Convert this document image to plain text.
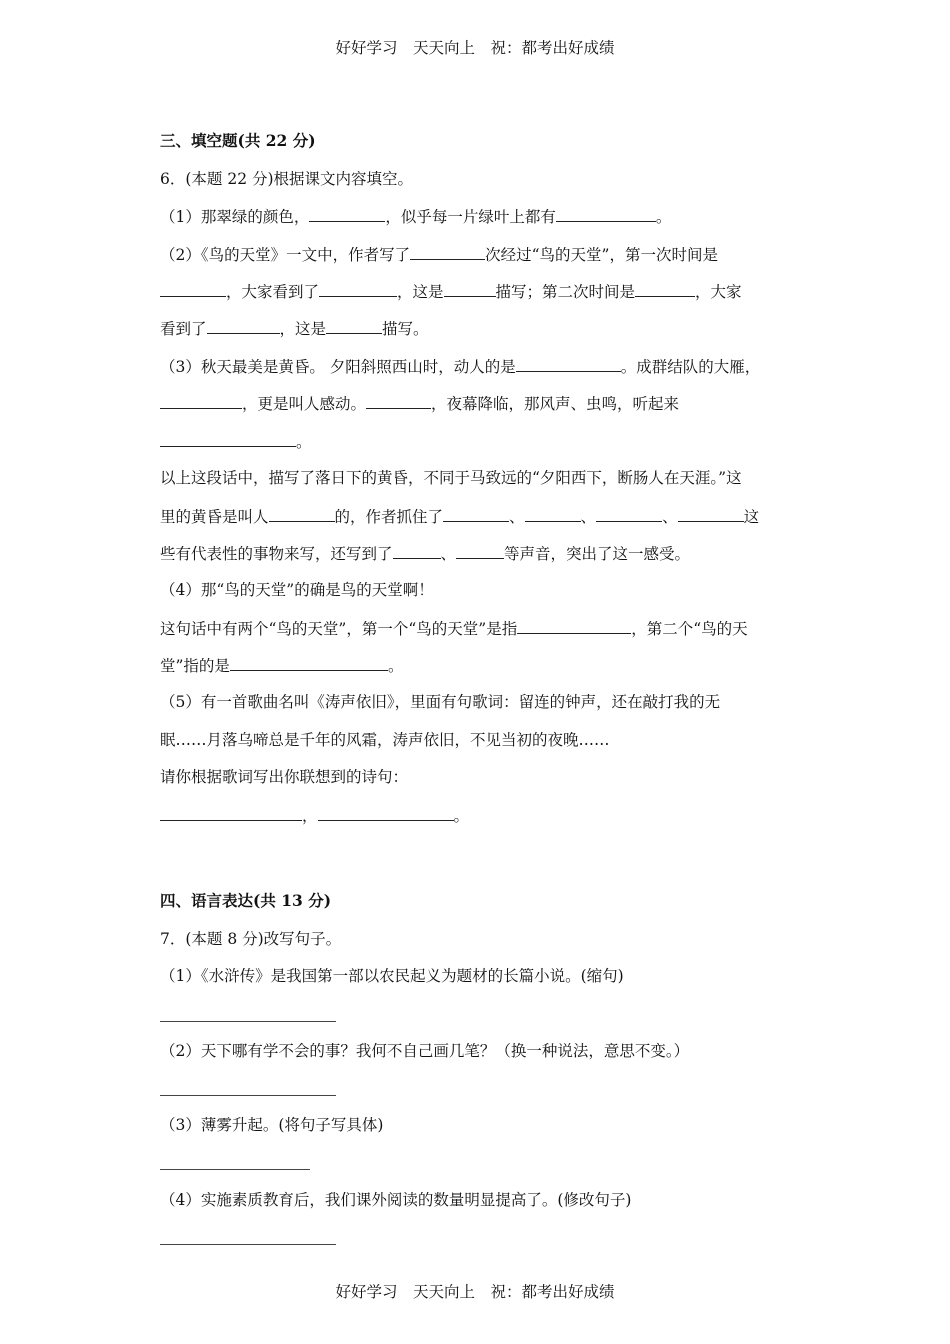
好好学习　天天向上　祝：都考出好成绩
三、填空题(共 22 分)
6．(本题 22 分)根据课文内容填空。
（1）那翠绿的颜色，	，似乎每一片绿叶上都有	。
（2）《鸟的天堂》一文中，作者写了	次经过“鸟的天堂”，第一次时间是
，大家看到了	，这是	描写；第二次时间是	，大家
看到了	，这是	描写。
（3）秋天最美是黄昏。 夕阳斜照西山时，动人的是	。成群结队的大雁，
，更是叫人感动。	，夜幕降临，那风声、虫鸣，听起来
。
以上这段话中，描写了落日下的黄昏，不同于马致远的“夕阳西下，断肠人在天涯。”这
里的黄昏是叫人	的，作者抓住了	、	、	、	这
些有代表性的事物来写，还写到了	、	等声音，突出了这一感受。
（4）那“鸟的天堂”的确是鸟的天堂啊！
这句话中有两个“鸟的天堂”，第一个“鸟的天堂”是指	，第二个“鸟的天
堂”指的是	。
（5）有一首歌曲名叫《涛声依旧》，里面有句歌词：留连的钟声，还在敲打我的无
眠……月落乌啼总是千年的风霜，涛声依旧，不见当初的夜晚……
请你根据歌词写出你联想到的诗句：
，	。
四、语言表达(共 13 分)
7．(本题 8 分)改写句子。
（1）《水浒传》是我国第一部以农民起义为题材的长篇小说。(缩句)
（2）天下哪有学不会的事？我何不自己画几笔？（换一种说法，意思不变。）
（3）薄雾升起。(将句子写具体)
（4）实施素质教育后，我们课外阅读的数量明显提高了。(修改句子)
好好学习　天天向上　祝：都考出好成绩
